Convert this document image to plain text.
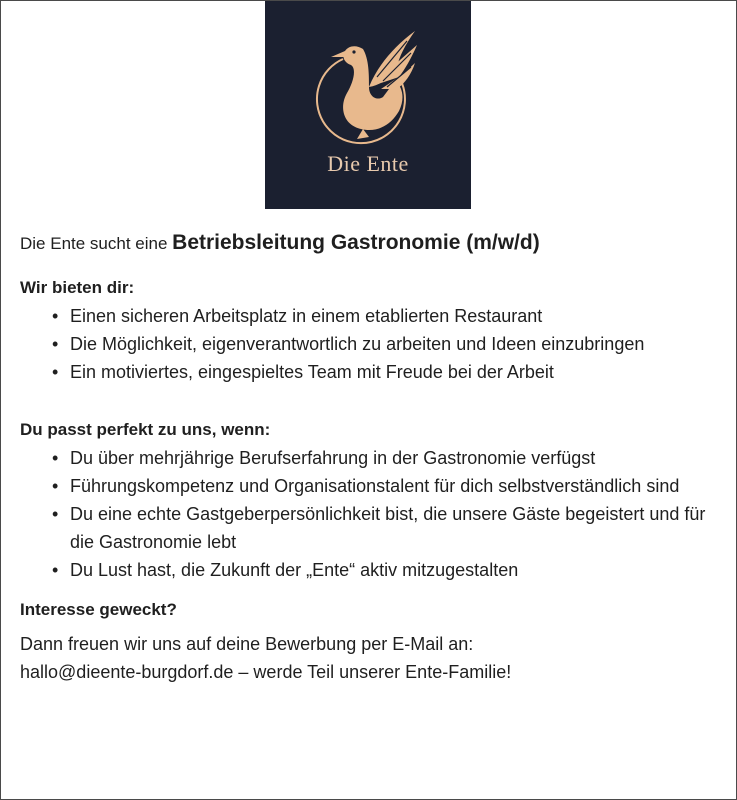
Die Ente

Die Ente sucht eine Betriebsleitung Gastronomie (m/w/d)

Wir bieten dir:
• Einen sicheren Arbeitsplatz in einem etablierten Restaurant
• Die Möglichkeit, eigenverantwortlich zu arbeiten und Ideen einzubringen
• Ein motiviertes, eingespieltes Team mit Freude bei der Arbeit
Du passt perfekt zu uns, wenn:
• Du über mehrjährige Berufserfahrung in der Gastronomie verfügst
• Führungskompetenz und Organisationstalent für dich selbstverständlich sind
• Du eine echte Gastgeberpersönlichkeit bist, die unsere Gäste begeistert und für die Gastronomie lebt
• Du Lust hast, die Zukunft der „Ente“ aktiv mitzugestalten
Interesse geweckt?

Dann freuen wir uns auf deine Bewerbung per E-Mail an:
hallo@dieente-burgdorf.de – werde Teil unserer Ente-Familie!
